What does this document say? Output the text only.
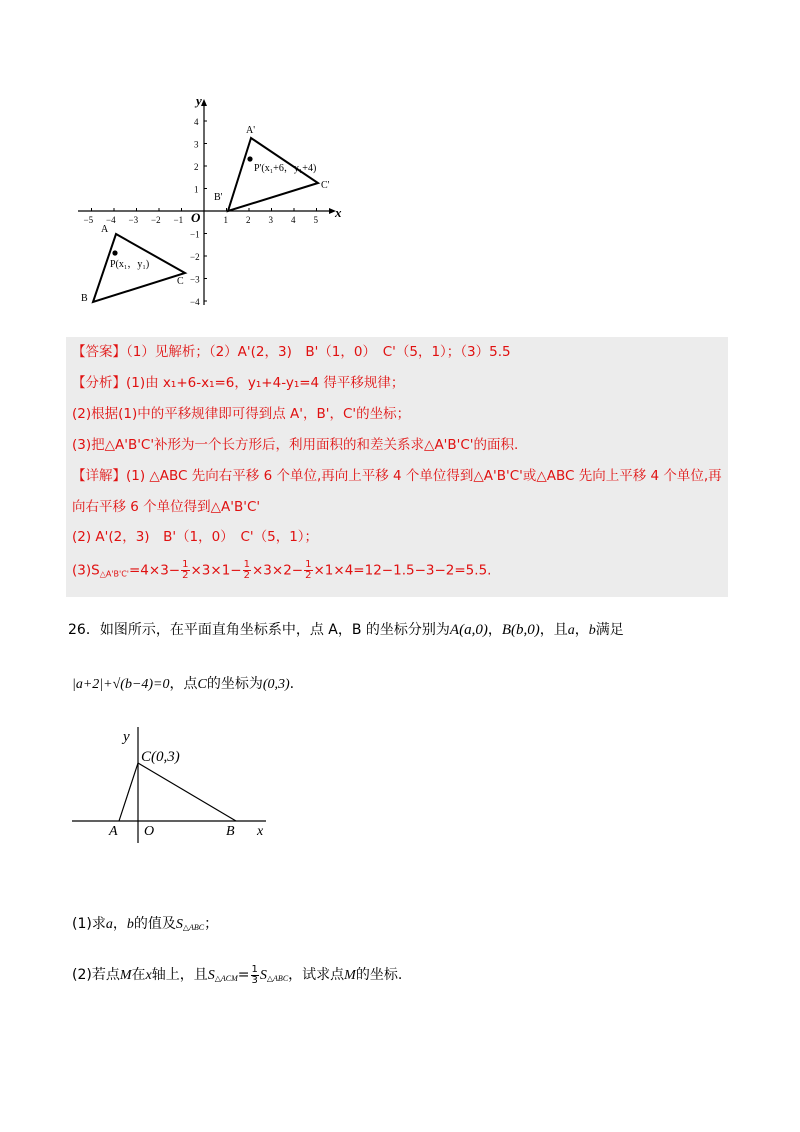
y
x
O
−5 −4 −3 −2 −1	1 2 3 4 5
4
3
2
1
−1
−2
−3
−4
A
B
C
P(x₁，y₁)
A'
B'
C'
P'(x₁+6，y₁+4)
【答案】（1）见解析；（2）A'(2，3)　B'（1，0）　C'（5，1）；（3）5.5
【分析】(1)由 x₁+6-x₁=6，y₁+4-y₁=4 得平移规律；
(2)根据(1)中的平移规律即可得到点 A'，B'，C'的坐标；
(3)把△A'B'C'补形为一个长方形后，利用面积的和差关系求△A'B'C'的面积.
【详解】(1) △ABC 先向右平移 6 个单位,再向上平移 4 个单位得到△A'B'C'或△ABC 先向上平移 4 个单位,再
向右平移 6 个单位得到△A'B'C'
(2) A'(2，3)　B'（1，0）　C'（5，1）；
$(3)S_{\triangle A'B'C'}=4\times 3- \frac{1}{2} \times 3\times 1- \frac{1}{2} \times 3\times 2- \frac{1}{2} \times 1\times 4=12-1.5-3-2=5.5$.
26．如图所示，在平面直角坐标系中，点 A，B 的坐标分别为A(a,0)，B(b,0)，且a，b满足
|a+2|+√(b−4)=0，点C的坐标为(0,3).
y
C(0,3)
A O	B x
(1)求a，b的值及$S_{\triangle ABC}$；
(2)若点M在x轴上，且$S_{\triangle ACM}= \frac{1}{3} S_{\triangle ABC}$，试求点M的坐标.
